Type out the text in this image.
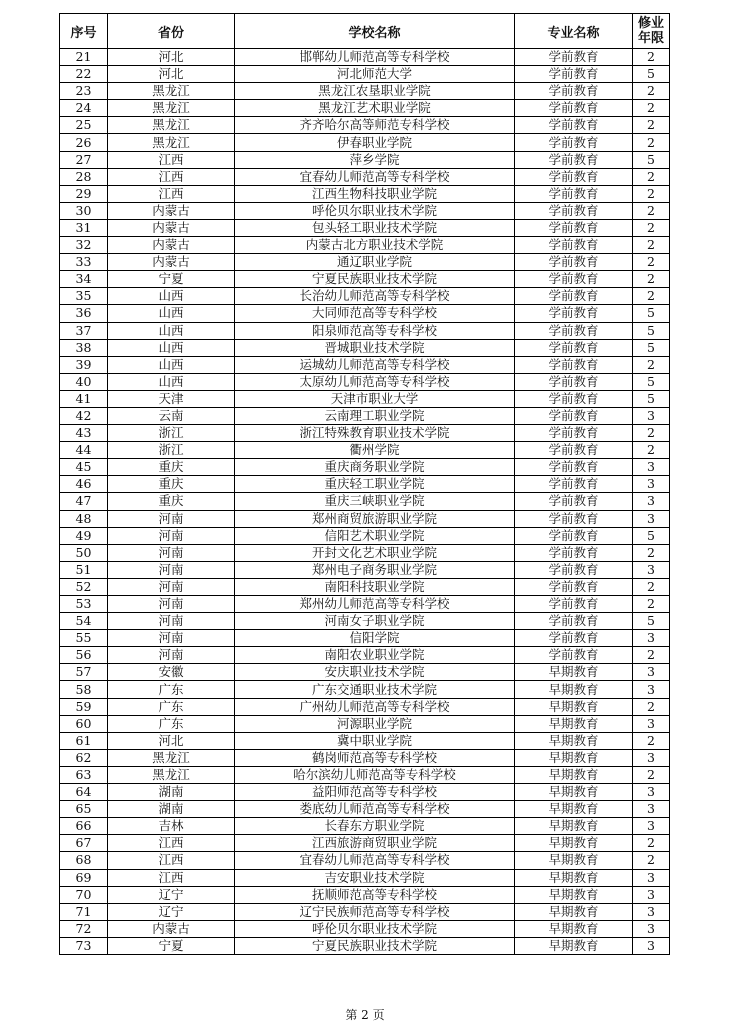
序号	省份	学校名称	专业名称	修业
年限

21	河北	邯郸幼儿师范高等专科学校	学前教育	2
22	河北	河北师范大学	学前教育	5
23	黑龙江	黑龙江农垦职业学院	学前教育	2
24	黑龙江	黑龙江艺术职业学院	学前教育	2
25	黑龙江	齐齐哈尔高等师范专科学校	学前教育	2
26	黑龙江	伊春职业学院	学前教育	2
27	江西	萍乡学院	学前教育	5
28	江西	宜春幼儿师范高等专科学校	学前教育	2
29	江西	江西生物科技职业学院	学前教育	2
30	内蒙古	呼伦贝尔职业技术学院	学前教育	2
31	内蒙古	包头轻工职业技术学院	学前教育	2
32	内蒙古	内蒙古北方职业技术学院	学前教育	2
33	内蒙古	通辽职业学院	学前教育	2
34	宁夏	宁夏民族职业技术学院	学前教育	2
35	山西	长治幼儿师范高等专科学校	学前教育	2
36	山西	大同师范高等专科学校	学前教育	5
37	山西	阳泉师范高等专科学校	学前教育	5
38	山西	晋城职业技术学院	学前教育	5
39	山西	运城幼儿师范高等专科学校	学前教育	2
40	山西	太原幼儿师范高等专科学校	学前教育	5
41	天津	天津市职业大学	学前教育	5
42	云南	云南理工职业学院	学前教育	3
43	浙江	浙江特殊教育职业技术学院	学前教育	2
44	浙江	衢州学院	学前教育	2
45	重庆	重庆商务职业学院	学前教育	3
46	重庆	重庆轻工职业学院	学前教育	3
47	重庆	重庆三峡职业学院	学前教育	3
48	河南	郑州商贸旅游职业学院	学前教育	3
49	河南	信阳艺术职业学院	学前教育	5
50	河南	开封文化艺术职业学院	学前教育	2
51	河南	郑州电子商务职业学院	学前教育	3
52	河南	南阳科技职业学院	学前教育	2
53	河南	郑州幼儿师范高等专科学校	学前教育	2
54	河南	河南女子职业学院	学前教育	5
55	河南	信阳学院	学前教育	3
56	河南	南阳农业职业学院	学前教育	2
57	安徽	安庆职业技术学院	早期教育	3
58	广东	广东交通职业技术学院	早期教育	3
59	广东	广州幼儿师范高等专科学校	早期教育	2
60	广东	河源职业学院	早期教育	3
61	河北	冀中职业学院	早期教育	2
62	黑龙江	鹤岗师范高等专科学校	早期教育	3
63	黑龙江	哈尔滨幼儿师范高等专科学校	早期教育	2
64	湖南	益阳师范高等专科学校	早期教育	3
65	湖南	娄底幼儿师范高等专科学校	早期教育	3
66	吉林	长春东方职业学院	早期教育	3
67	江西	江西旅游商贸职业学院	早期教育	2
68	江西	宜春幼儿师范高等专科学校	早期教育	2
69	江西	吉安职业技术学院	早期教育	3
70	辽宁	抚顺师范高等专科学校	早期教育	3
71	辽宁	辽宁民族师范高等专科学校	早期教育	3
72	内蒙古	呼伦贝尔职业技术学院	早期教育	3
73	宁夏	宁夏民族职业技术学院	早期教育	3
第 2 页
